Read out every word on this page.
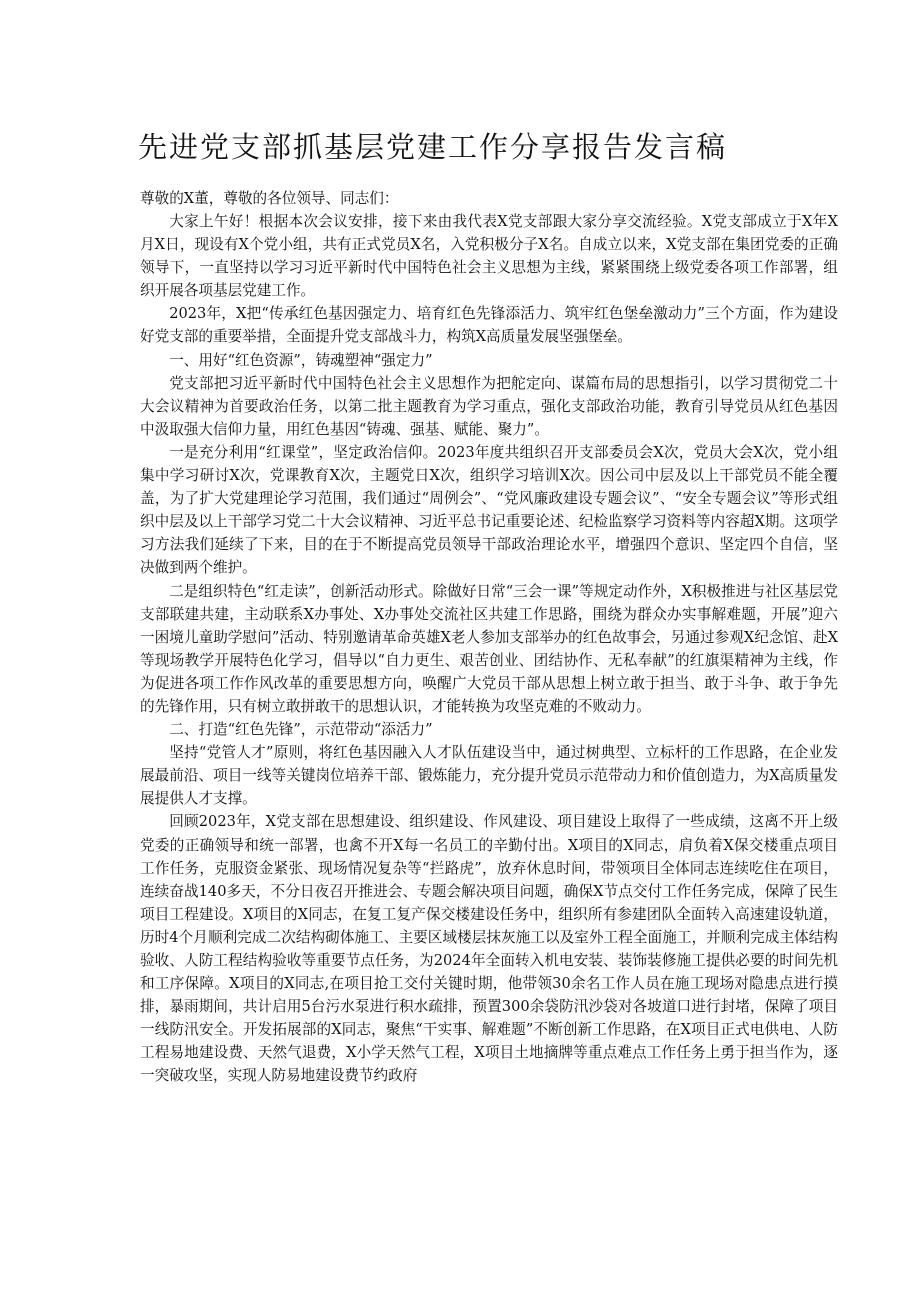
先进党支部抓基层党建工作分享报告发言稿

尊敬的X董，尊敬的各位领导、同志们：

大家上午好！根据本次会议安排，接下来由我代表X党支部跟大家分享交流经验。X党支部成立于X年X月X日，现设有X个党小组，共有正式党员X名，入党积极分子X名。自成立以来，X党支部在集团党委的正确领导下，一直坚持以学习习近平新时代中国特色社会主义思想为主线，紧紧围绕上级党委各项工作部署，组织开展各项基层党建工作。

2023年，X把“传承红色基因强定力、培育红色先锋添活力、筑牢红色堡垒激动力”三个方面，作为建设好党支部的重要举措，全面提升党支部战斗力，构筑X高质量发展坚强堡垒。

一、用好“红色资源”，铸魂塑神“强定力”

党支部把习近平新时代中国特色社会主义思想作为把舵定向、谋篇布局的思想指引，以学习贯彻党二十大会议精神为首要政治任务，以第二批主题教育为学习重点，强化支部政治功能，教育引导党员从红色基因中汲取强大信仰力量，用红色基因“铸魂、强基、赋能、聚力”。

一是充分利用“红课堂”，坚定政治信仰。2023年度共组织召开支部委员会X次，党员大会X次，党小组集中学习研讨X次，党课教育X次，主题党日X次，组织学习培训X次。因公司中层及以上干部党员不能全覆盖，为了扩大党建理论学习范围，我们通过“周例会”、“党风廉政建设专题会议”、“安全专题会议”等形式组织中层及以上干部学习党二十大会议精神、习近平总书记重要论述、纪检监察学习资料等内容超X期。这项学习方法我们延续了下来，目的在于不断提高党员领导干部政治理论水平，增强四个意识、坚定四个自信，坚决做到两个维护。

二是组织特色“红走读”，创新活动形式。除做好日常“三会一课”等规定动作外，X积极推进与社区基层党支部联建共建，主动联系X办事处、X办事处交流社区共建工作思路，围绕为群众办实事解难题，开展”迎六一困境儿童助学慰问”活动、特别邀请革命英雄X老人参加支部举办的红色故事会，另通过参观X纪念馆、赴X等现场教学开展特色化学习，倡导以“自力更生、艰苦创业、团结协作、无私奉献”的红旗渠精神为主线，作为促进各项工作作风改革的重要思想方向，唤醒广大党员干部从思想上树立敢于担当、敢于斗争、敢于争先的先锋作用，只有树立敢拼敢干的思想认识，才能转换为攻坚克难的不败动力。

二、打造“红色先锋”，示范带动“添活力”

坚持“党管人才”原则，将红色基因融入人才队伍建设当中，通过树典型、立标杆的工作思路，在企业发展最前沿、项目一线等关键岗位培养干部、锻炼能力，充分提升党员示范带动力和价值创造力，为X高质量发展提供人才支撑。

回顾2023年，X党支部在思想建设、组织建设、作风建设、项目建设上取得了一些成绩，这离不开上级党委的正确领导和统一部署，也禽不开X每一名员工的辛勤付出。X项目的X同志，肩负着X保交楼重点项目工作任务，克服资金紧张、现场情况复杂等“拦路虎”，放弃休息时间，带领项目全体同志连续吃住在项目，连续奋战140多天，不分日夜召开推进会、专题会解决项目问题，确保X节点交付工作任务完成，保障了民生项目工程建设。X项目的X同志，在复工复产保交楼建设任务中，组织所有参建团队全面转入高速建设轨道，历时4个月顺利完成二次结构砌体施工、主要区域楼层抹灰施工以及室外工程全面施工，并顺利完成主体结构验收、人防工程结构验收等重要节点任务，为2024年全面转入机电安装、装饰装修施工提供必要的时间先机和工序保障。X项目的X同志,在项目抢工交付关键时期，他带领30余名工作人员在施工现场对隐患点进行摸排，暴雨期间，共计启用5台污水泵进行积水疏排，预置300余袋防汛沙袋对各坡道口进行封堵，保障了项目一线防汛安全。开发拓展部的X同志，聚焦“干实事、解难题”不断创新工作思路，在X项目正式电供电、人防工程易地建设费、天然气退费，X小学天然气工程，X项目土地摘牌等重点难点工作任务上勇于担当作为，逐一突破攻坚，实现人防易地建设费节约政府
